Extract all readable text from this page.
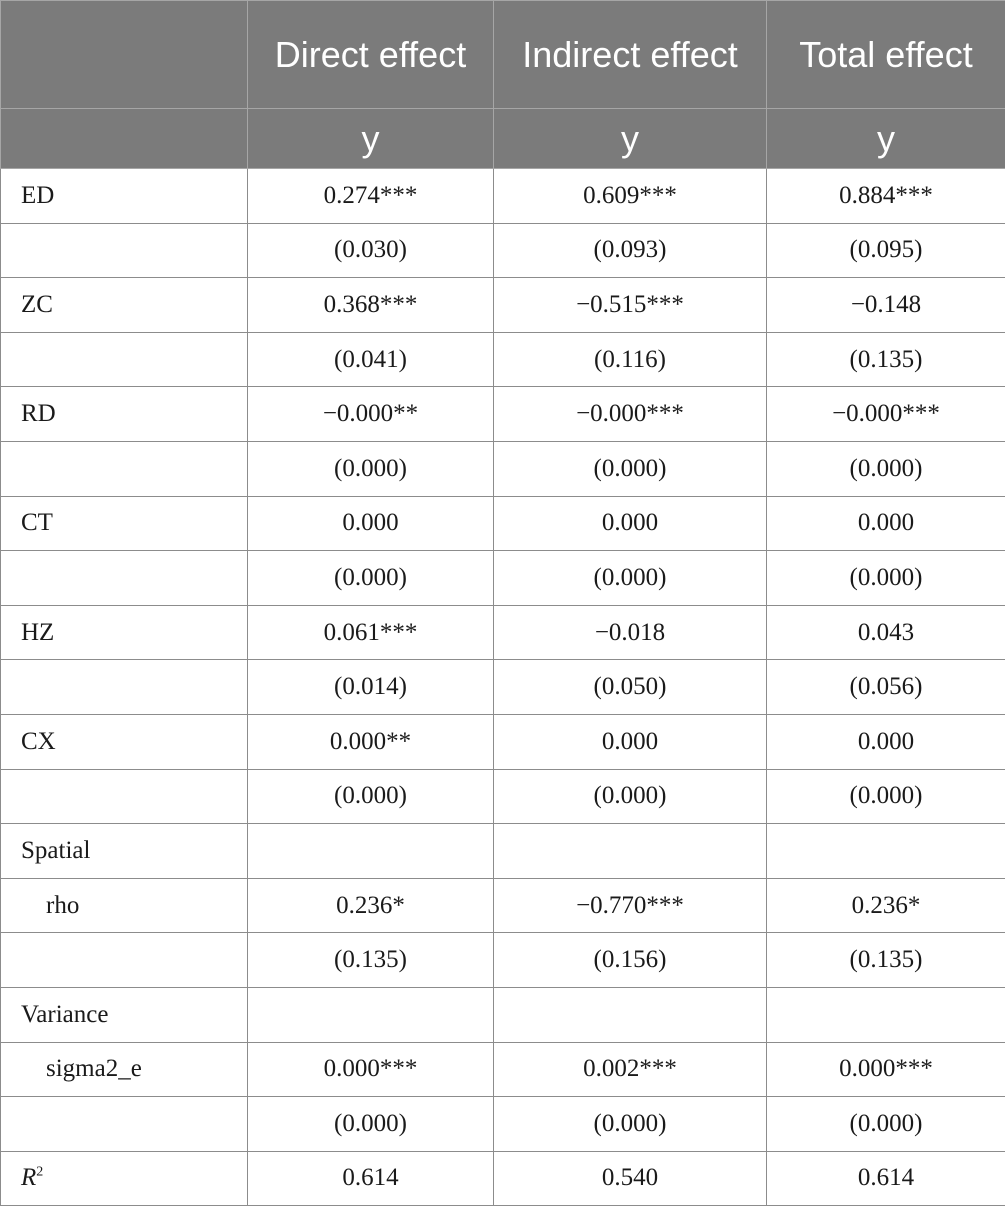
	Direct effect	Indirect effect	Total effect
	y	y	y
ED	0.274***	0.609***	0.884***
	(0.030)	(0.093)	(0.095)
ZC	0.368***	−0.515***	−0.148
	(0.041)	(0.116)	(0.135)
RD	−0.000**	−0.000***	−0.000***
	(0.000)	(0.000)	(0.000)
CT	0.000	0.000	0.000
	(0.000)	(0.000)	(0.000)
HZ	0.061***	−0.018	0.043
	(0.014)	(0.050)	(0.056)
CX	0.000**	0.000	0.000
	(0.000)	(0.000)	(0.000)
Spatial			
rho	0.236*	−0.770***	0.236*
	(0.135)	(0.156)	(0.135)
Variance			
sigma2_e	0.000***	0.002***	0.000***
	(0.000)	(0.000)	(0.000)
$R^2$	0.614	0.540	0.614
